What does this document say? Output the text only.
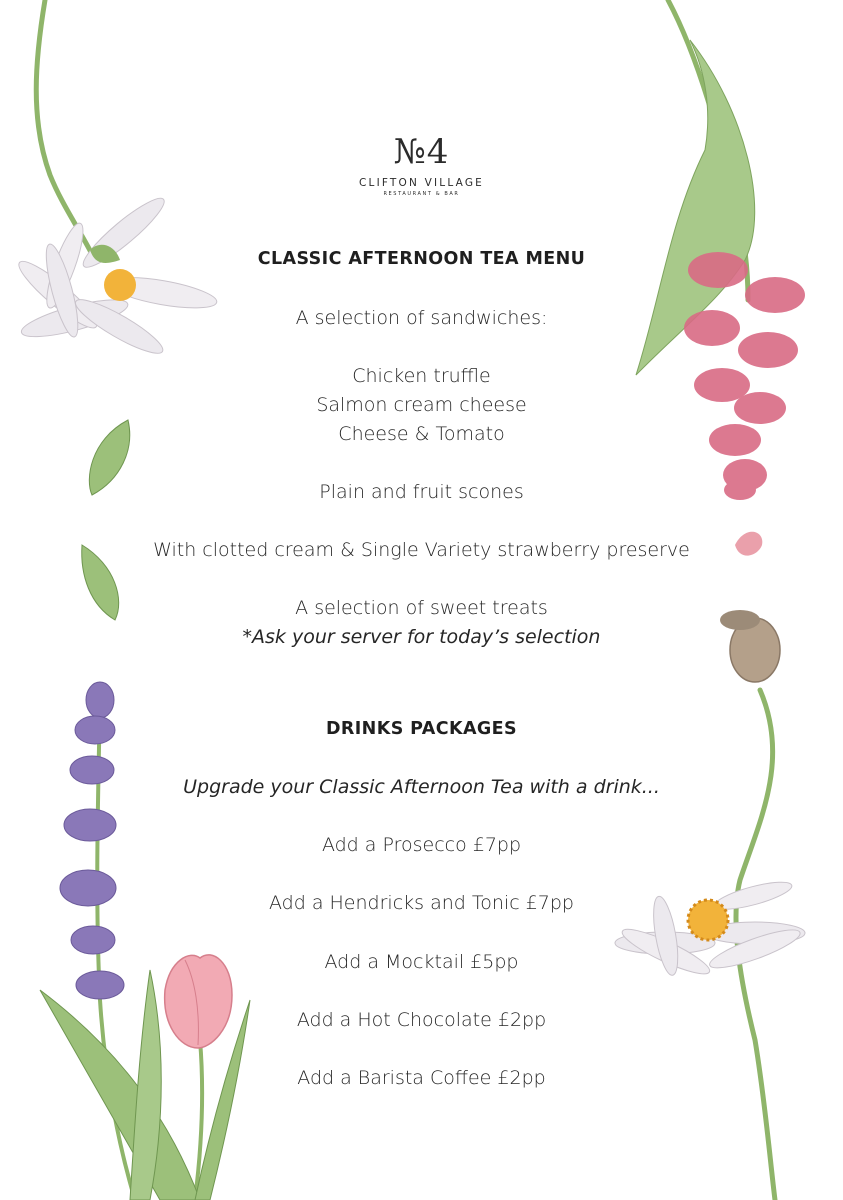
№4
CLIFTON VILLAGE
RESTAURANT & BAR
CLASSIC AFTERNOON TEA MENU
A selection of sandwiches:
Chicken truffle
Salmon cream cheese
Cheese & Tomato
Plain and fruit scones
With clotted cream & Single Variety strawberry preserve
A selection of sweet treats
*Ask your server for today’s selection
DRINKS PACKAGES
Upgrade your Classic Afternoon Tea with a drink...
Add a Prosecco £7pp
Add a Hendricks and Tonic £7pp
Add a Mocktail £5pp
Add a Hot Chocolate £2pp
Add a Barista Coffee £2pp
